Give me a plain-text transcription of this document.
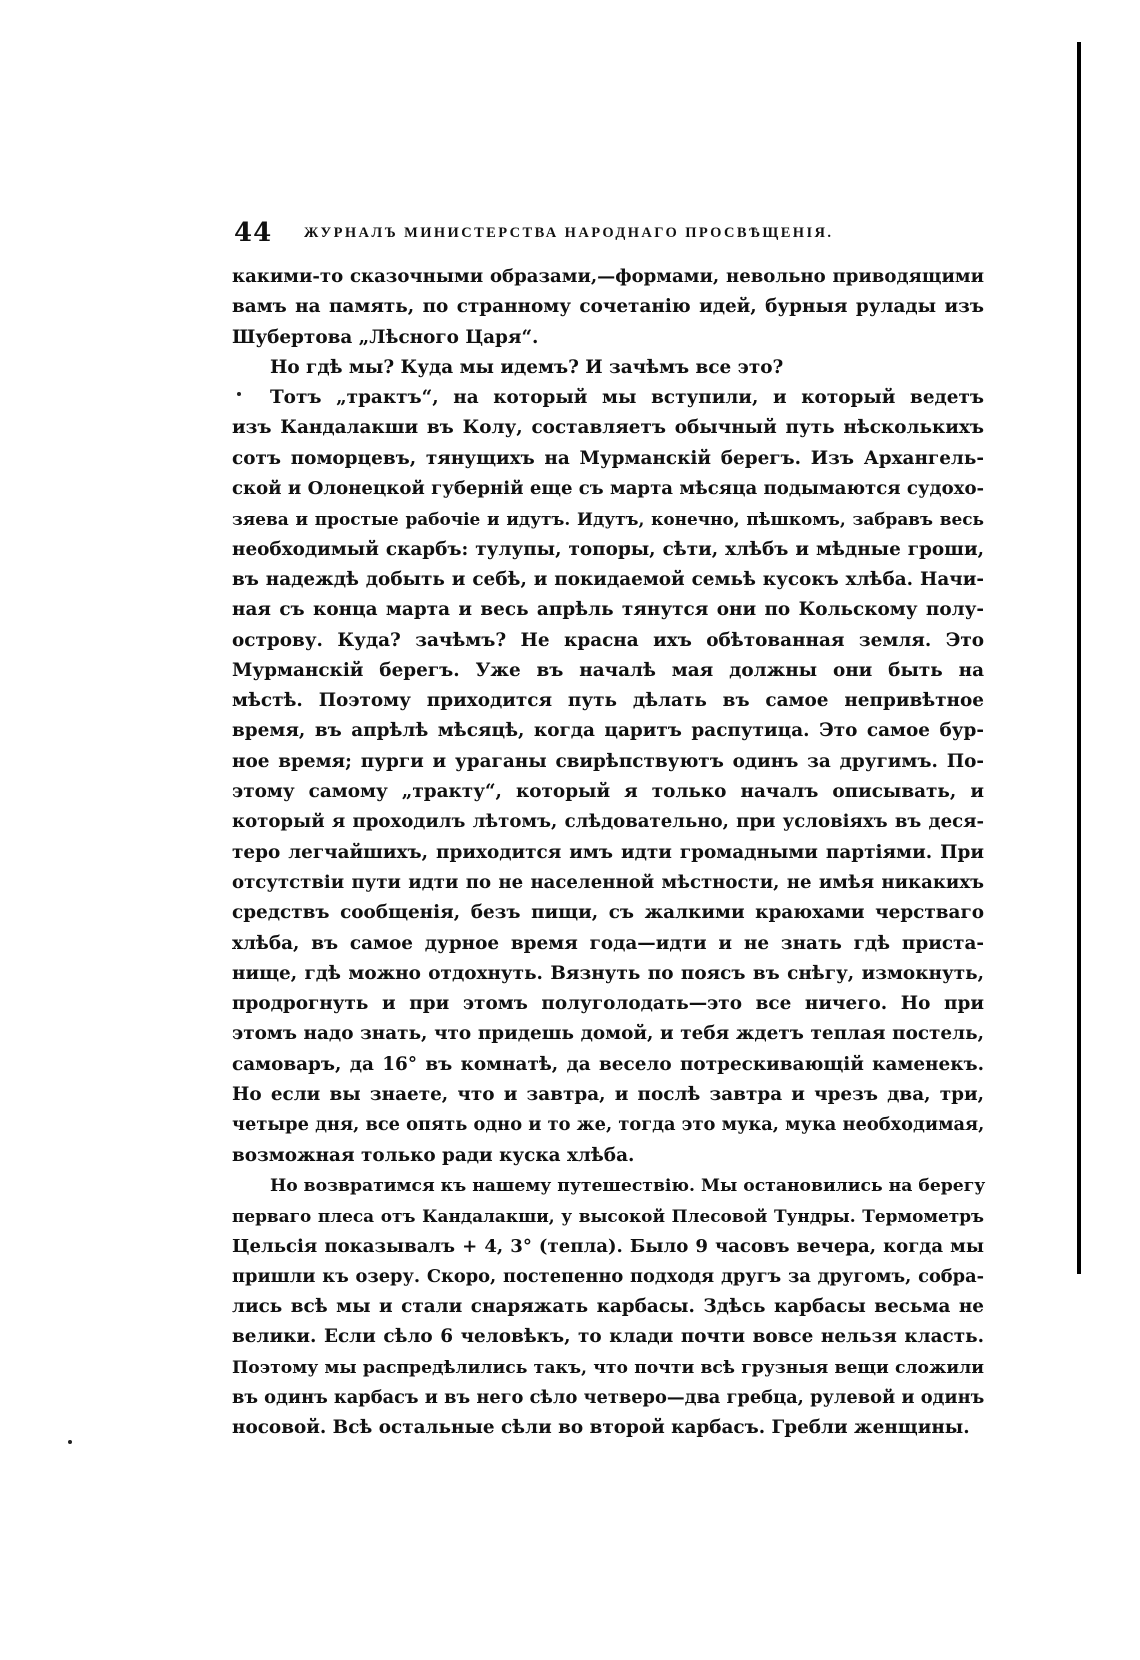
44 ЖУРНАЛЪ МИНИСТЕРСТВА НАРОДНАГО ПРОСВѢЩЕНІЯ.
какими-то сказочными образами,—формами, невольно приводящими
вамъ на память, по странному сочетанію идей, бурныя рулады изъ
Шубертова „Лѣсного Царя“.
Но гдѣ мы? Куда мы идемъ? И зачѣмъ все это?
Тотъ „трактъ“, на который мы вступили, и который ведетъ
изъ Кандалакши въ Колу, составляетъ обычный путь нѣсколькихъ
сотъ поморцевъ, тянущихъ на Мурманскій берегъ. Изъ Архангель-
ской и Олонецкой губерній еще съ марта мѣсяца подымаются судохо-
зяева и простые рабочіе и идутъ. Идутъ, конечно, пѣшкомъ, забравъ весь
необходимый скарбъ: тулупы, топоры, сѣти, хлѣбъ и мѣдные гроши,
въ надеждѣ добыть и себѣ, и покидаемой семьѣ кусокъ хлѣба. Начи-
ная съ конца марта и весь апрѣль тянутся они по Кольскому полу-
острову. Куда? зачѣмъ? Не красна ихъ обѣтованная земля. Это
Мурманскій берегъ. Уже въ началѣ мая должны они быть на
мѣстѣ. Поэтому приходится путь дѣлать въ самое непривѣтное
время, въ апрѣлѣ мѣсяцѣ, когда царитъ распутица. Это самое бур-
ное время; пурги и ураганы свирѣпствуютъ одинъ за другимъ. По-
этому самому „тракту“, который я только началъ описывать, и
который я проходилъ лѣтомъ, слѣдовательно, при условіяхъ въ деся-
теро легчайшихъ, приходится имъ идти громадными партіями. При
отсутствіи пути идти по не населенной мѣстности, не имѣя никакихъ
средствъ сообщенія, безъ пищи, съ жалкими краюхами черстваго
хлѣба, въ самое дурное время года—идти и не знать гдѣ приста-
нище, гдѣ можно отдохнуть. Вязнуть по поясъ въ снѣгу, измокнуть,
продрогнуть и при этомъ полуголодать—это все ничего. Но при
этомъ надо знать, что придешь домой, и тебя ждетъ теплая постель,
самоваръ, да 16° въ комнатѣ, да весело потрескивающій каменекъ.
Но если вы знаете, что и завтра, и послѣ завтра и чрезъ два, три,
четыре дня, все опять одно и то же, тогда это мука, мука необходимая,
возможная только ради куска хлѣба.
Но возвратимся къ нашему путешествію. Мы остановились на берегу
перваго плеса отъ Кандалакши, у высокой Плесовой Тундры. Термометръ
Цельсія показывалъ + 4, 3° (тепла). Было 9 часовъ вечера, когда мы
пришли къ озеру. Скоро, постепенно подходя другъ за другомъ, собра-
лись всѣ мы и стали снаряжать карбасы. Здѣсь карбасы весьма не
велики. Если сѣло 6 человѣкъ, то клади почти вовсе нельзя класть.
Поэтому мы распредѣлились такъ, что почти всѣ грузныя вещи сложили
въ одинъ карбасъ и въ него сѣло четверо—два гребца, рулевой и одинъ
носовой. Всѣ остальные сѣли во второй карбасъ. Гребли женщины.
